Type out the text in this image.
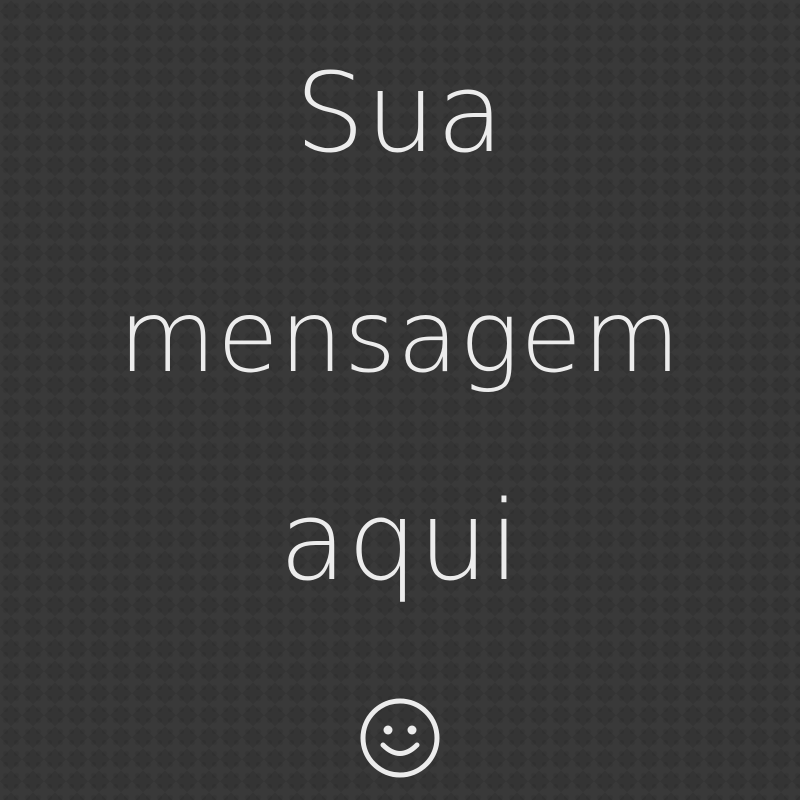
Sua
mensagem
aqui
